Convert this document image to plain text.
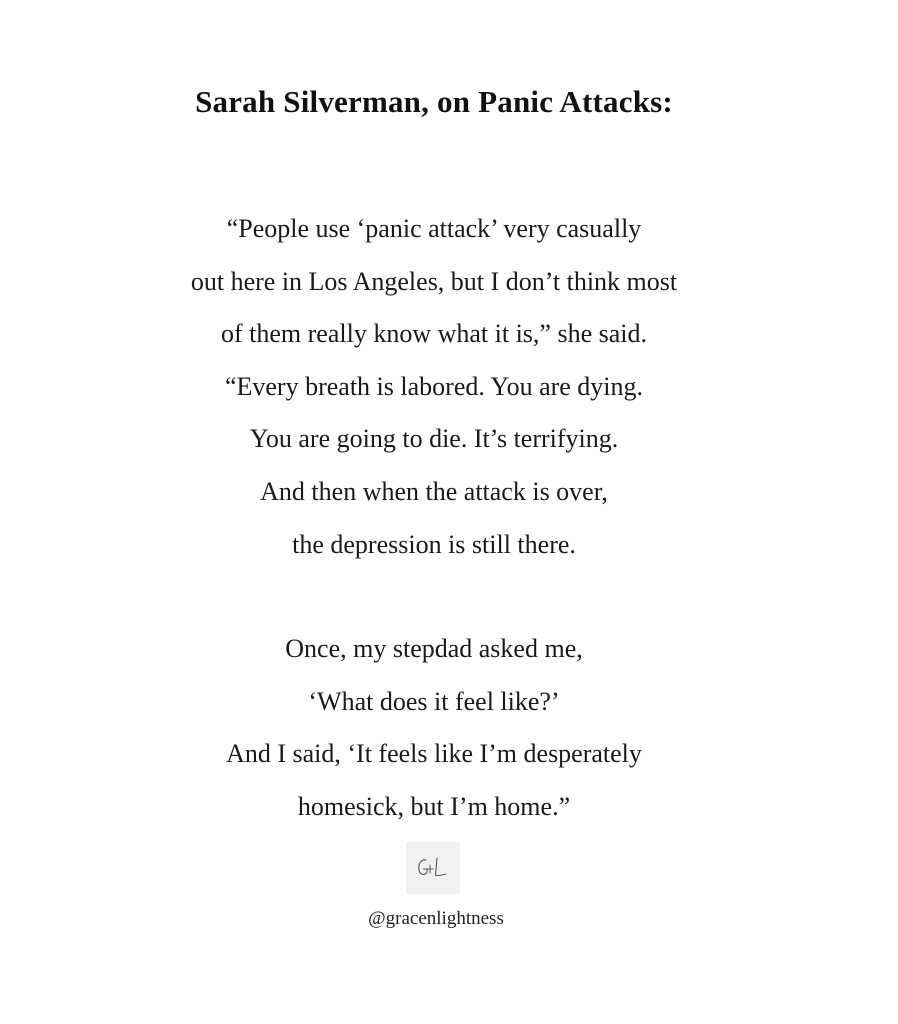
Sarah Silverman, on Panic Attacks:

“People use ‘panic attack’ very casually
out here in Los Angeles, but I don’t think most
of them really know what it is,” she said.
“Every breath is labored. You are dying.
You are going to die. It’s terrifying.
And then when the attack is over,
the depression is still there.

Once, my stepdad asked me,
‘What does it feel like?’
And I said, ‘It feels like I’m desperately
homesick, but I’m home.”

@gracenlightness
